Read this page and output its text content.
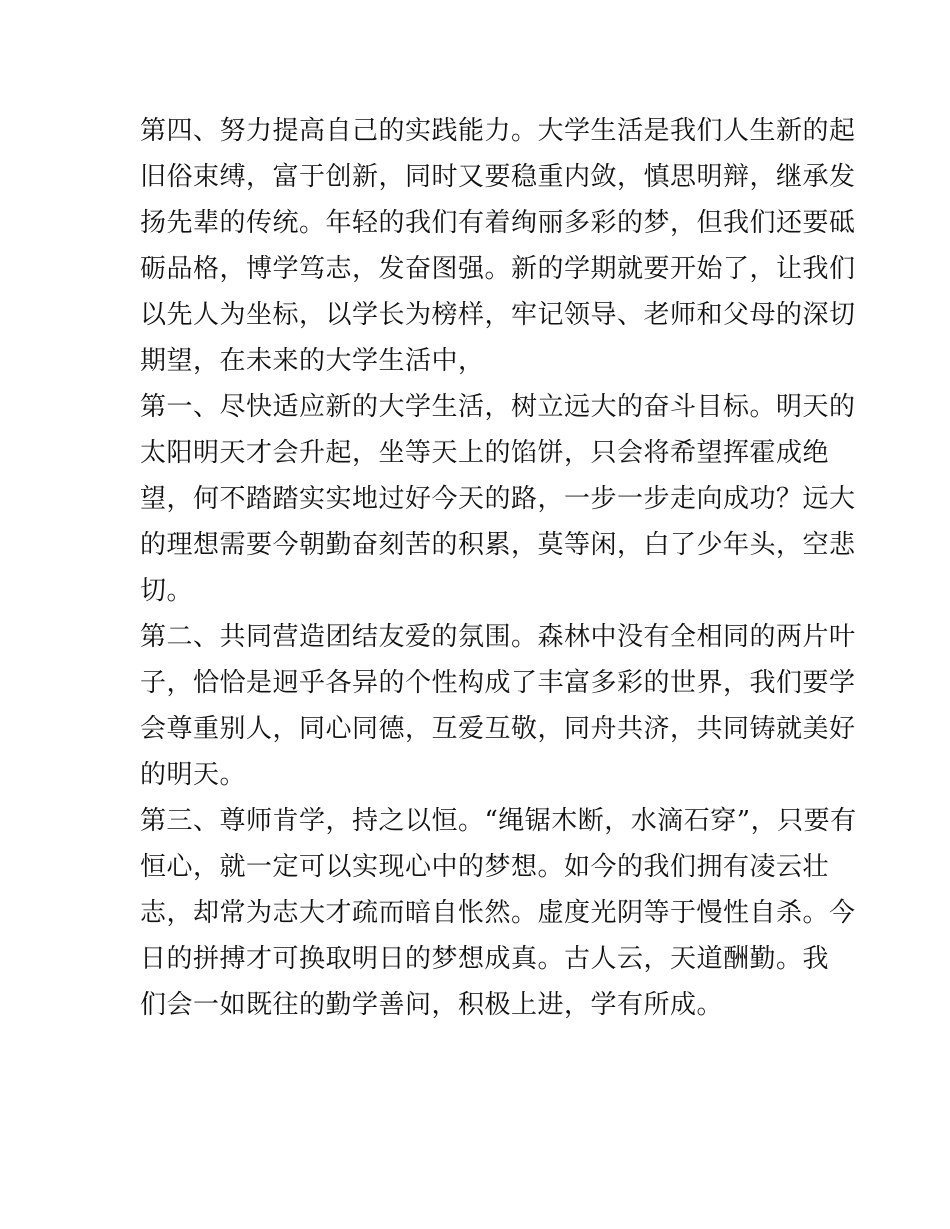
第四、努力提高自己的实践能力。大学生活是我们人生新的起
旧俗束缚，富于创新，同时又要稳重内敛，慎思明辩，继承发
扬先辈的传统。年轻的我们有着绚丽多彩的梦，但我们还要砥
砺品格，博学笃志，发奋图强。新的学期就要开始了，让我们
以先人为坐标，以学长为榜样，牢记领导、老师和父母的深切
期望，在未来的大学生活中，
第一、尽快适应新的大学生活，树立远大的奋斗目标。明天的
太阳明天才会升起，坐等天上的馅饼，只会将希望挥霍成绝
望，何不踏踏实实地过好今天的路，一步一步走向成功？远大
的理想需要今朝勤奋刻苦的积累，莫等闲，白了少年头，空悲
切。
第二、共同营造团结友爱的氛围。森林中没有全相同的两片叶
子，恰恰是迥乎各异的个性构成了丰富多彩的世界，我们要学
会尊重别人，同心同德，互爱互敬，同舟共济，共同铸就美好
的明天。
第三、尊师肯学，持之以恒。“绳锯木断，水滴石穿”，只要有
恒心，就一定可以实现心中的梦想。如今的我们拥有凌云壮
志，却常为志大才疏而暗自怅然。虚度光阴等于慢性自杀。今
日的拼搏才可换取明日的梦想成真。古人云，天道酬勤。我
们会一如既往的勤学善问，积极上进，学有所成。
